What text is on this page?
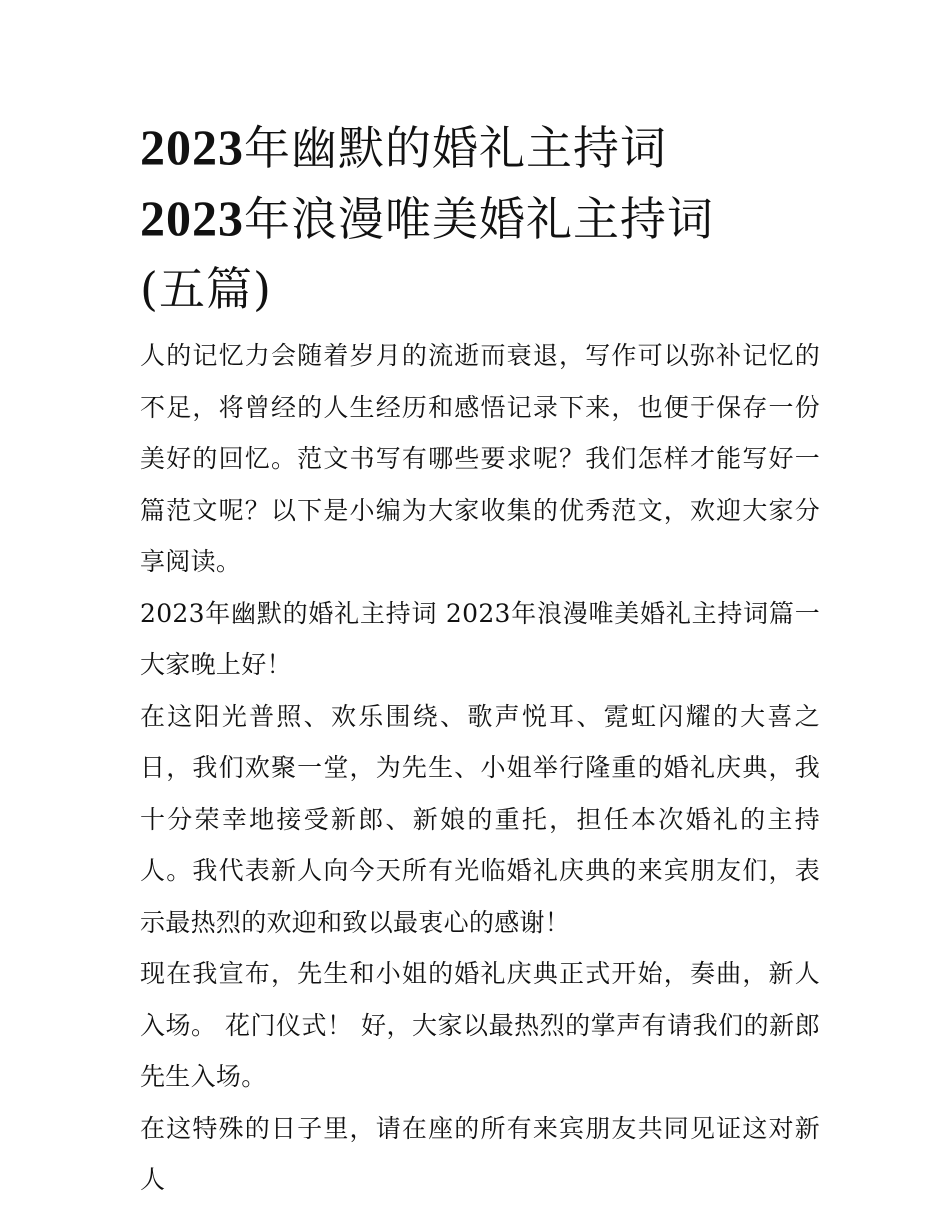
2023年幽默的婚礼主持词
2023年浪漫唯美婚礼主持词
(五篇)

人的记忆力会随着岁月的流逝而衰退，写作可以弥补记忆的不足，将曾经的人生经历和感悟记录下来，也便于保存一份美好的回忆。范文书写有哪些要求呢？我们怎样才能写好一篇范文呢？以下是小编为大家收集的优秀范文，欢迎大家分享阅读。

2023年幽默的婚礼主持词 2023年浪漫唯美婚礼主持词篇一 大家晚上好！

在这阳光普照、欢乐围绕、歌声悦耳、霓虹闪耀的大喜之日，我们欢聚一堂，为先生、小姐举行隆重的婚礼庆典，我十分荣幸地接受新郎、新娘的重托，担任本次婚礼的主持人。我代表新人向今天所有光临婚礼庆典的来宾朋友们，表示最热烈的欢迎和致以最衷心的感谢！

现在我宣布，先生和小姐的婚礼庆典正式开始，奏曲，新人入场。 花门仪式！ 好，大家以最热烈的掌声有请我们的新郎先生入场。

在这特殊的日子里，请在座的所有来宾朋友共同见证这对新人
